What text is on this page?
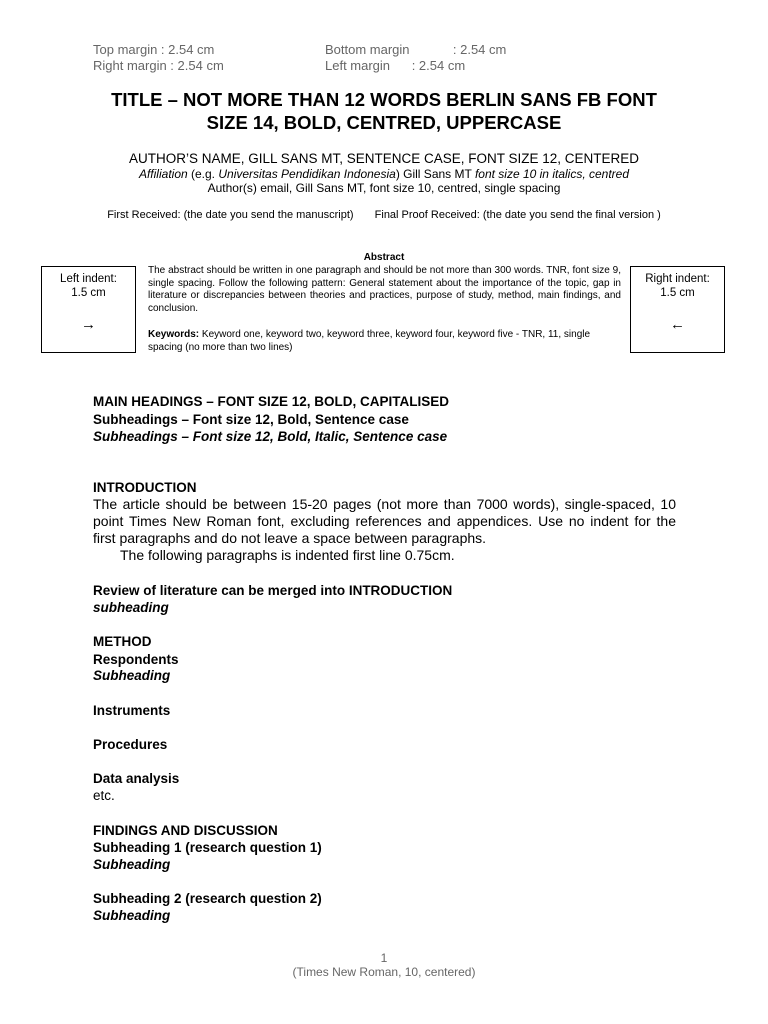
Top margin : 2.54 cm
Right margin : 2.54 cm
Bottom margin            : 2.54 cm
Left margin      : 2.54 cm
TITLE – NOT MORE THAN 12 WORDS BERLIN SANS FB FONT
SIZE 14, BOLD, CENTRED, UPPERCASE
AUTHOR’S NAME, GILL SANS MT, SENTENCE CASE, FONT SIZE 12, CENTERED
Affiliation (e.g. Universitas Pendidikan Indonesia) Gill Sans MT font size 10 in italics, centred
Author(s) email, Gill Sans MT, font size 10, centred, single spacing
First Received: (the date you send the manuscript) Final Proof Received: (the date you send the final version )
Abstract
The abstract should be written in one paragraph and should be not more than 300 words. TNR, font size 9, single spacing. Follow the following pattern: General statement about the importance of the topic, gap in literature or discrepancies between theories and practices, purpose of study, method, main findings, and conclusion.
Keywords: Keyword one, keyword two, keyword three, keyword four, keyword five - TNR, 11, single spacing (no more than two lines)
Left indent:
1.5 cm
→
Right indent:
1.5 cm
←
MAIN HEADINGS – FONT SIZE 12, BOLD, CAPITALISED
Subheadings – Font size 12, Bold, Sentence case
Subheadings – Font size 12, Bold, Italic, Sentence case
INTRODUCTION
The article should be between 15-20 pages (not more than 7000 words), single-spaced, 10 point Times New Roman font, excluding references and appendices. Use no indent for the first paragraphs and do not leave a space between paragraphs.
The following paragraphs is indented first line 0.75cm.
Review of literature can be merged into INTRODUCTION
subheading
METHOD
Respondents
Subheading
Instruments
Procedures
Data analysis
etc.
FINDINGS AND DISCUSSION
Subheading 1 (research question 1)
Subheading
Subheading 2 (research question 2)
Subheading
1
(Times New Roman, 10, centered)
